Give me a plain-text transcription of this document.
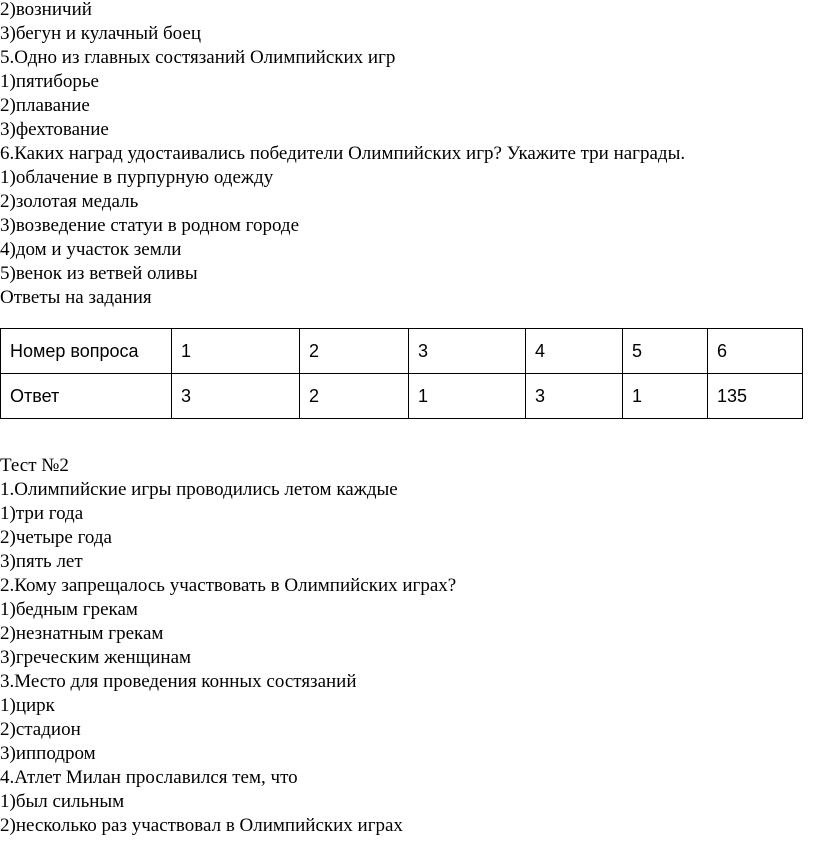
2)возничий
3)бегун и кулачный боец
5.Одно из главных состязаний Олимпийских игр
1)пятиборье
2)плавание
3)фехтование
6.Каких наград удостаивались победители Олимпийских игр? Укажите три награды.
1)облачение в пурпурную одежду
2)золотая медаль
3)возведение статуи в родном городе
4)дом и участок земли
5)венок из ветвей оливы
Ответы на задания
Номер вопроса	1	2	3	4	5	6
Ответ	3	2	1	3	1	135
Тест №2
1.Олимпийские игры проводились летом каждые
1)три года
2)четыре года
3)пять лет
2.Кому запрещалось участвовать в Олимпийских играх?
1)бедным грекам
2)незнатным грекам
3)греческим женщинам
3.Место для проведения конных состязаний
1)цирк
2)стадион
3)ипподром
4.Атлет Милан прославился тем, что
1)был сильным
2)несколько раз участвовал в Олимпийских играх
